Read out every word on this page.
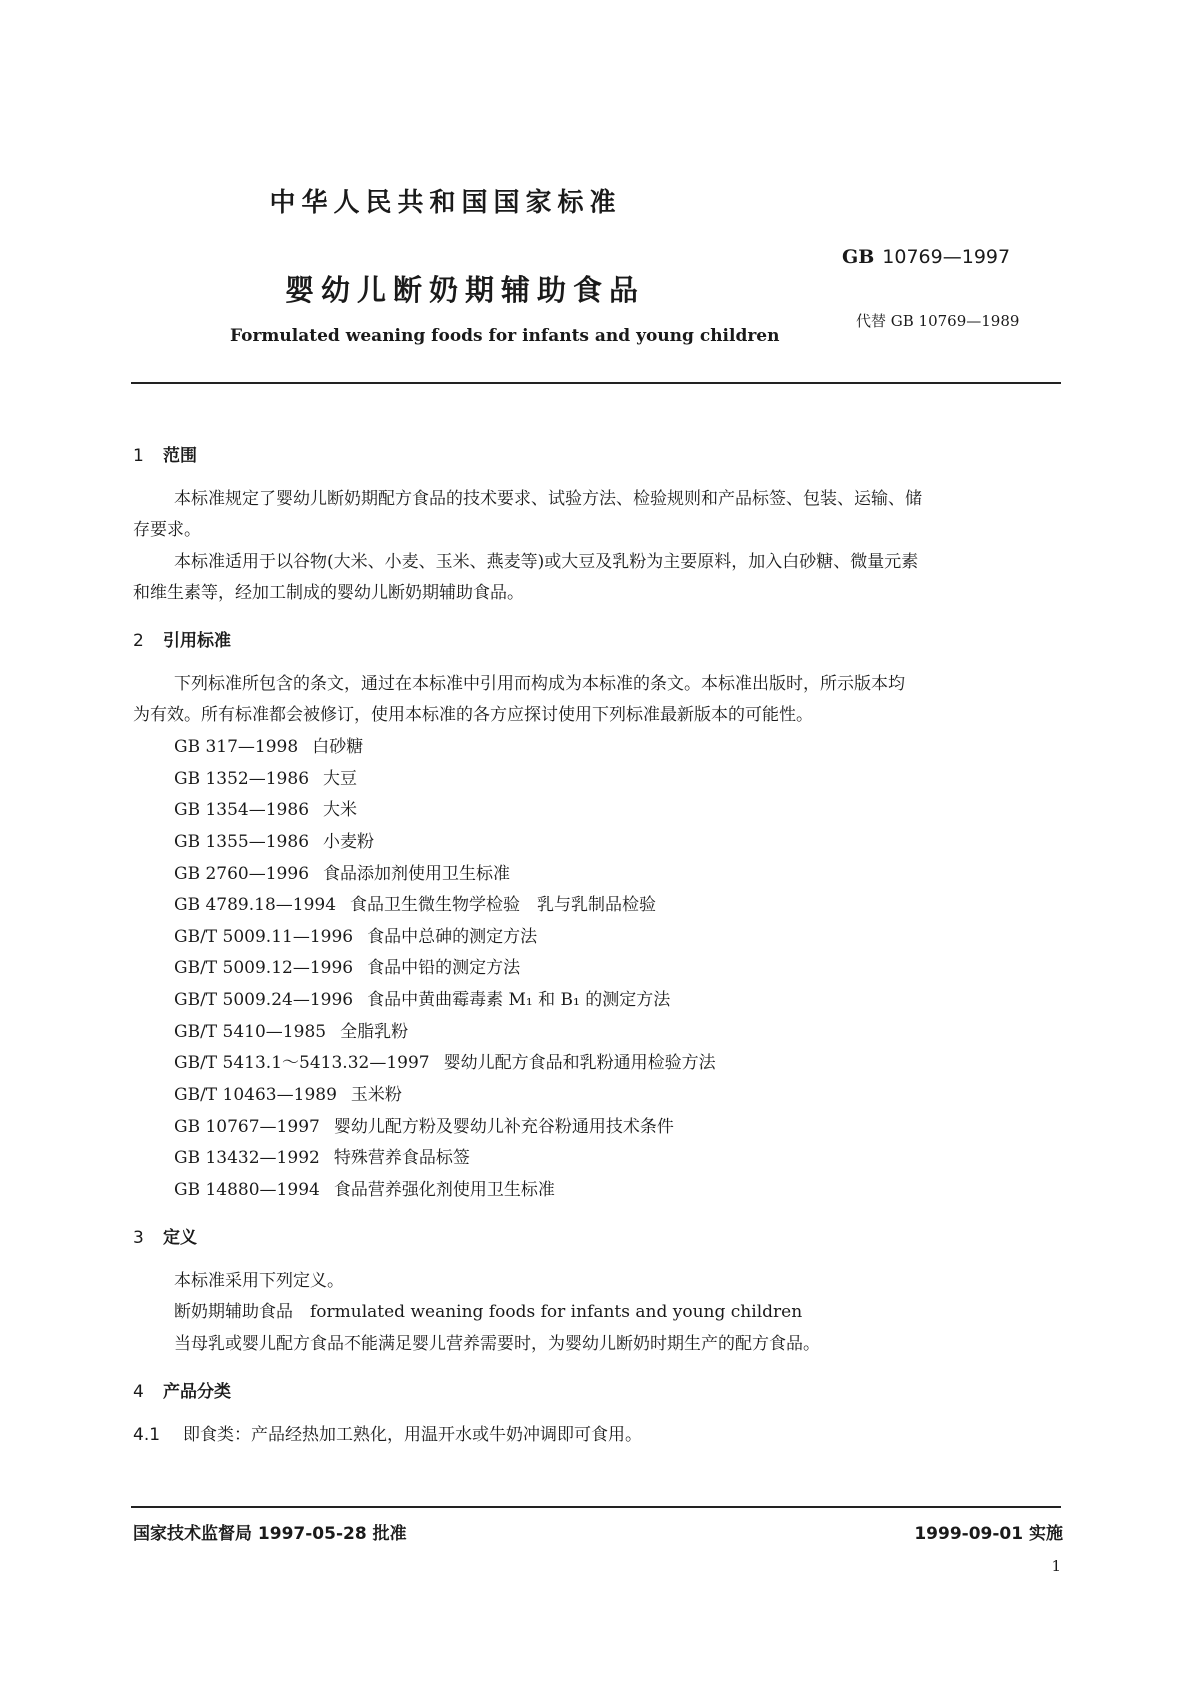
中华人民共和国国家标准
婴幼儿断奶期辅助食品
Formulated weaning foods for infants and young children
GB 10769—1997
代替 GB 10769—1989
1 范围
本标准规定了婴幼儿断奶期配方食品的技术要求、试验方法、检验规则和产品标签、包装、运输、储
存要求。
本标准适用于以谷物(大米、小麦、玉米、燕麦等)或大豆及乳粉为主要原料，加入白砂糖、微量元素
和维生素等，经加工制成的婴幼儿断奶期辅助食品。
2 引用标准
下列标准所包含的条文，通过在本标准中引用而构成为本标准的条文。本标准出版时，所示版本均
为有效。所有标准都会被修订，使用本标准的各方应探讨使用下列标准最新版本的可能性。
GB 317—1998 白砂糖
GB 1352—1986 大豆
GB 1354—1986 大米
GB 1355—1986 小麦粉
GB 2760—1996 食品添加剂使用卫生标准
GB 4789.18—1994 食品卫生微生物学检验　乳与乳制品检验
GB/T 5009.11—1996 食品中总砷的测定方法
GB/T 5009.12—1996 食品中铅的测定方法
GB/T 5009.24—1996 食品中黄曲霉毒素 M₁ 和 B₁ 的测定方法
GB/T 5410—1985 全脂乳粉
GB/T 5413.1～5413.32—1997 婴幼儿配方食品和乳粉通用检验方法
GB/T 10463—1989 玉米粉
GB 10767—1997 婴幼儿配方粉及婴幼儿补充谷粉通用技术条件
GB 13432—1992 特殊营养食品标签
GB 14880—1994 食品营养强化剂使用卫生标准
3 定义
本标准采用下列定义。
断奶期辅助食品　formulated weaning foods for infants and young children
当母乳或婴儿配方食品不能满足婴儿营养需要时，为婴幼儿断奶时期生产的配方食品。
4 产品分类
4.1 即食类：产品经热加工熟化，用温开水或牛奶冲调即可食用。
国家技术监督局 1997-05-28 批准	1999-09-01 实施
1
